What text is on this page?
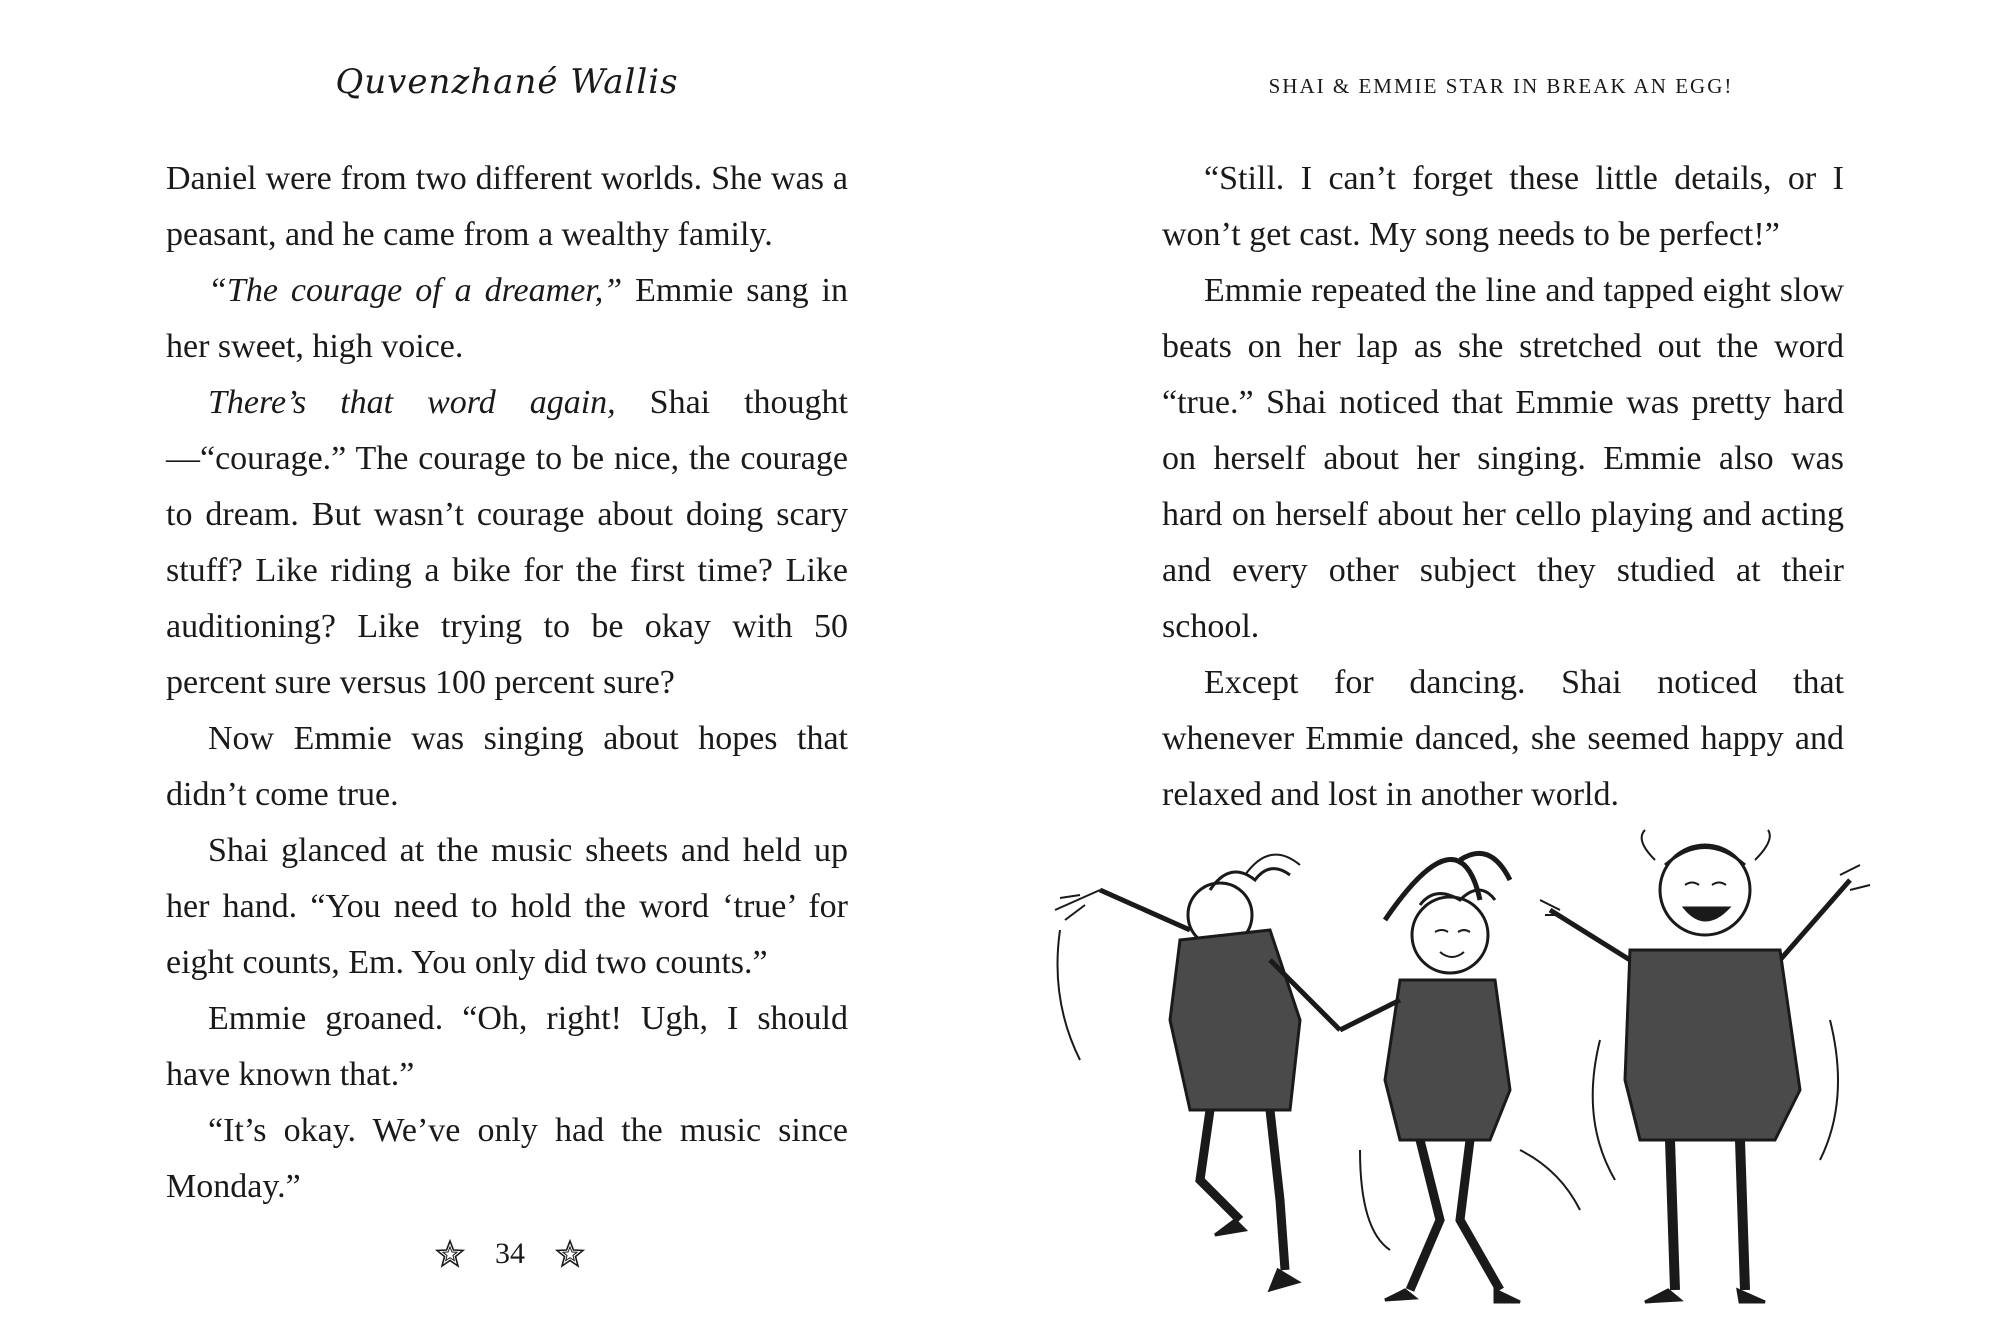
Quvenzhané Wallis

Daniel were from two different worlds. She was a peasant, and he came from a wealthy family.

“The courage of a dreamer,” Emmie sang in her sweet, high voice.

There’s that word again, Shai thought—“courage.” The courage to be nice, the courage to dream. But wasn’t courage about doing scary stuff? Like riding a bike for the first time? Like auditioning? Like trying to be okay with 50 percent sure versus 100 percent sure?

Now Emmie was singing about hopes that didn’t come true.

Shai glanced at the music sheets and held up her hand. “You need to hold the word ‘true’ for eight counts, Em. You only did two counts.”

Emmie groaned. “Oh, right! Ugh, I should have known that.”

“It’s okay. We’ve only had the music since Monday.”

34
SHAI & EMMIE STAR IN BREAK AN EGG!

“Still. I can’t forget these little details, or I won’t get cast. My song needs to be perfect!”

Emmie repeated the line and tapped eight slow beats on her lap as she stretched out the word “true.” Shai noticed that Emmie was pretty hard on herself about her singing. Emmie also was hard on herself about her cello playing and acting and every other subject they studied at their school.

Except for dancing. Shai noticed that whenever Emmie danced, she seemed happy and relaxed and lost in another world.
